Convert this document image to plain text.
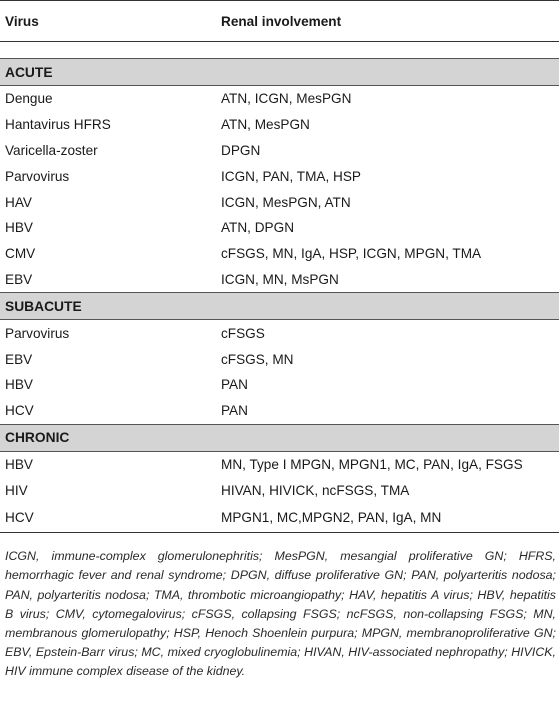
Virus	Renal involvement

ACUTE	
Dengue	ATN, ICGN, MesPGN
Hantavirus HFRS	ATN, MesPGN
Varicella-zoster	DPGN
Parvovirus	ICGN, PAN, TMA, HSP
HAV	ICGN, MesPGN, ATN
HBV	ATN, DPGN
CMV	cFSGS, MN, IgA, HSP, ICGN, MPGN, TMA
EBV	ICGN, MN, MsPGN
SUBACUTE	
Parvovirus	cFSGS
EBV	cFSGS, MN
HBV	PAN
HCV	PAN
CHRONIC	
HBV	MN, Type I MPGN, MPGN1, MC, PAN, IgA, FSGS
HIV	HIVAN, HIVICK, ncFSGS, TMA
HCV	MPGN1, MC,MPGN2, PAN, IgA, MN
ICGN, immune-complex glomerulonephritis; MesPGN, mesangial proliferative GN; HFRS, hemorrhagic fever and renal syndrome; DPGN, diffuse proliferative GN; PAN, polyarteritis nodosa; PAN, polyarteritis nodosa; TMA, thrombotic microangiopathy; HAV, hepatitis A virus; HBV, hepatitis B virus; CMV, cytomegalovirus; cFSGS, collapsing FSGS; ncFSGS, non-collapsing FSGS; MN, membranous glomerulopathy; HSP, Henoch Shoenlein purpura; MPGN, membranoproliferative GN; EBV, Epstein-Barr virus; MC, mixed cryoglobulinemia; HIVAN, HIV-associated nephropathy; HIVICK, HIV immune complex disease of the kidney.
